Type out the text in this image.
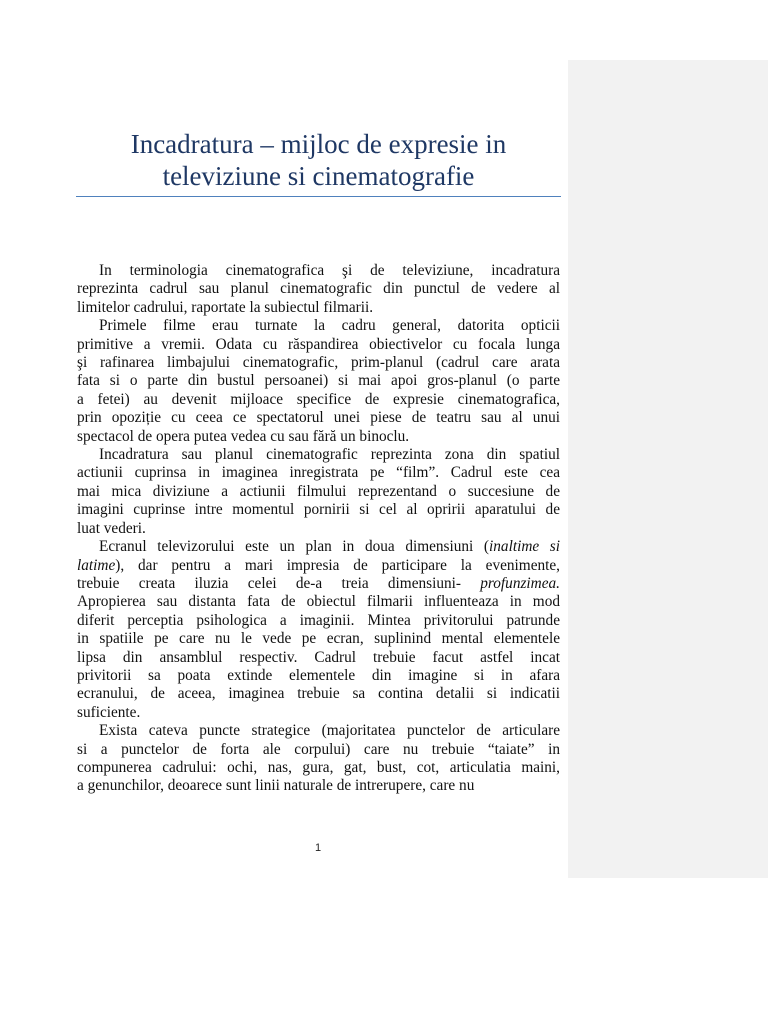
Incadratura – mijloc de expresie in
televiziune si cinematografie

In terminologia cinematografica şi de televiziune, incadratura
reprezinta cadrul sau planul cinematografic din punctul de vedere al
limitelor cadrului, raportate la subiectul filmarii.

Primele filme erau turnate la cadru general, datorita opticii
primitive a vremii. Odata cu răspandirea obiectivelor cu focala lunga
şi rafinarea limbajului cinematografic, prim-planul (cadrul care arata
fata si o parte din bustul persoanei) si mai apoi gros-planul (o parte
a fetei) au devenit mijloace specifice de expresie cinematografica,
prin opoziție cu ceea ce spectatorul unei piese de teatru sau al unui
spectacol de opera putea vedea cu sau fără un binoclu.

Incadratura sau planul cinematografic reprezinta zona din spatiul
actiunii cuprinsa in imaginea inregistrata pe “film”. Cadrul este cea
mai mica diviziune a actiunii filmului reprezentand o succesiune de
imagini cuprinse intre momentul pornirii si cel al opririi aparatului de
luat vederi.

Ecranul televizorului este un plan in doua dimensiuni (inaltime si
latime), dar pentru a mari impresia de participare la evenimente,
trebuie creata iluzia celei de-a treia dimensiuni- profunzimea.
Apropierea sau distanta fata de obiectul filmarii influenteaza in mod
diferit perceptia psihologica a imaginii. Mintea privitorului patrunde
in spatiile pe care nu le vede pe ecran, suplinind mental elementele
lipsa din ansamblul respectiv. Cadrul trebuie facut astfel incat
privitorii sa poata extinde elementele din imagine si in afara
ecranului, de aceea, imaginea trebuie sa contina detalii si indicatii
suficiente.

Exista cateva puncte strategice (majoritatea punctelor de articulare
si a punctelor de forta ale corpului) care nu trebuie “taiate” in
compunerea cadrului: ochi, nas, gura, gat, bust, cot, articulatia maini,
a genunchilor, deoarece sunt linii naturale de intrerupere, care nu

1
